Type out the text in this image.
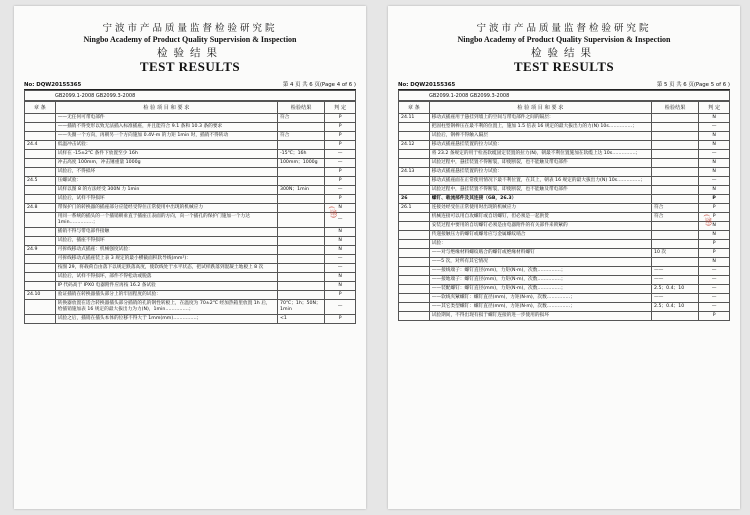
宁波市产品质量监督检验研究院
Ningbo Academy of Product Quality Supervision & Inspection
检验结果
TEST RESULTS
No: DQW20155365	第 4 页 共 6 页(Page 4 of 6 )
GB2099.1-2008 GB2099.3-2008
章 条	检 验 项 目 和 要 求	检验结果	判 定
	——无任何可带电部件	符合	P
	——插销不得变形以致无法插入标准插座，并且能符合 9.1 条和 10.3 条的要求		P
	——失圈一个方向，再朝另一个方向施加 0.4V·m 的力矩 1min 时，插销不得转动	符合	P
24.4	低温冲击试验：		P
	试样在 -15±2℃ 条件下放置至少 16h	-15℃；16h	—
	冲击高度 100mm，冲击锤重量 1000g	100mm；1000g	—
	试验后，不得损坏		P
24.5	压螺试验：		P
	试样以图 8 的方法经受 300N 力 1min	300N；1min	—
	试验后，试样不得损坏		P
24.8	带保护门的转换器的插座部分应能经受得住正常使用中出现的机械应力		N
	用同一系统的插头的一个插销朝垂直于插座正表面的方向，向一个插孔的保护门施加一个力达 1min……………；		—
	插销不得与带电部件接触		N
	试验后，插座不得损坏		N
24.9	可拆线移动式插座：机械强度试验：		N
	可拆线移动式插座装上表 3 规定的最小横截面积软导线(mm²)：		—
	按图 29，将载荷自由落下以规定跌落高度，使软线处于水平状态，把试样跌落到混凝土地板上 8 次		—
	试验后，试样不得损坏，部件不得松动或脱落		N
	IP 代码高于 IPX0 电器附件应再按 16.2 条试验		N
24.10	验证插销在转换器插头部分上的牢固程度的试验：		P
	转换器放置在适合转换器插头部分插销的孔的钢性转板上，在温度为 70±2℃ 经加热箱里放置 1h 后，给插销施加表 16 规定的最大拔出力为力(N)，1min……………；	70℃；1h；50N；1min	—
	试验之后，插销在插头本体的位移不得大于 1mm(mm)……………；	<1	P
宁波市产品质量监督检验研究院
Ningbo Academy of Product Quality Supervision & Inspection
检验结果
TEST RESULTS
No: DQW20155365	第 5 页 共 6 页(Page 5 of 6 )
GB2099.1-2008 GB2099.3-2008
章 条	检 验 项 目 和 要 求	检验结果	判 定
24.11	移动式插座用于悬挂到墙上的空间与带电部件之间的隔层：		N
	把固柱型钢棒压在最不利的位置上，施加 1.5 倍表 16 规定的最大拔出力的力(N) 10s……………；		—
	试验后，钢棒不得触入隔层		N
24.12	移动式插座悬挂装置的拉力试验：		N
	将 23.2 条规定的用于检查软缆固定装置的拉力(N)，朝最不利位置施加在软缆上达 10s……………；		—
	试验过程中，悬挂装置不得断裂，即使断裂，也不能触及带电部件		N
24.13	移动式插座悬挂装置的拉力试验：		N
	移动式插座面在正常使用情况下最不利位置，在其上，朝表 16 规定的最大拔出力(N) 10s……………；		—
	试验过程中，悬挂装置不得断裂，即使断裂，也不能触及带电部件		N
26	螺钉、载流部件及其连接（GB，26.3）		P
26.1	连接处经受住正常使用时出现的机械应力	符合	P
	机械连接可以用自攻螺钉或自切螺钉，但必须是一起供货	符合	P
	安装过程中要用的自切螺钉必须是由电器附件的有关部件来锁紧的		N
	传递接触压力的螺钉或螺母应与金属螺纹啮合		N
	试验：		P
	——对与绝缘材料螺纹啮合的螺钉或绝缘材料螺钉	10 次	P
	——5 次，对所有其它情况		N
	——接线端子：螺钉直径(mm)，力矩(N·m)，次数……………；	——	—
	——接地端子：螺钉直径(mm)，力矩(N·m)，次数……………；	——	—
	——装配螺钉：螺钉直径(mm)，力矩(N·m)，次数……………；	2.5；0.4；10	—
	——软线夹紧螺钉：螺钉直径(mm)，力矩(N·m)，次数……………；	——	—
	——其它类型螺钉：螺钉直径(mm)，力矩(N·m)，次数……………；	2.5；0.4；10	—
	试验期间，不得出现有损于螺钉连接的进一步使用的损坏		P
(签)
(签)
